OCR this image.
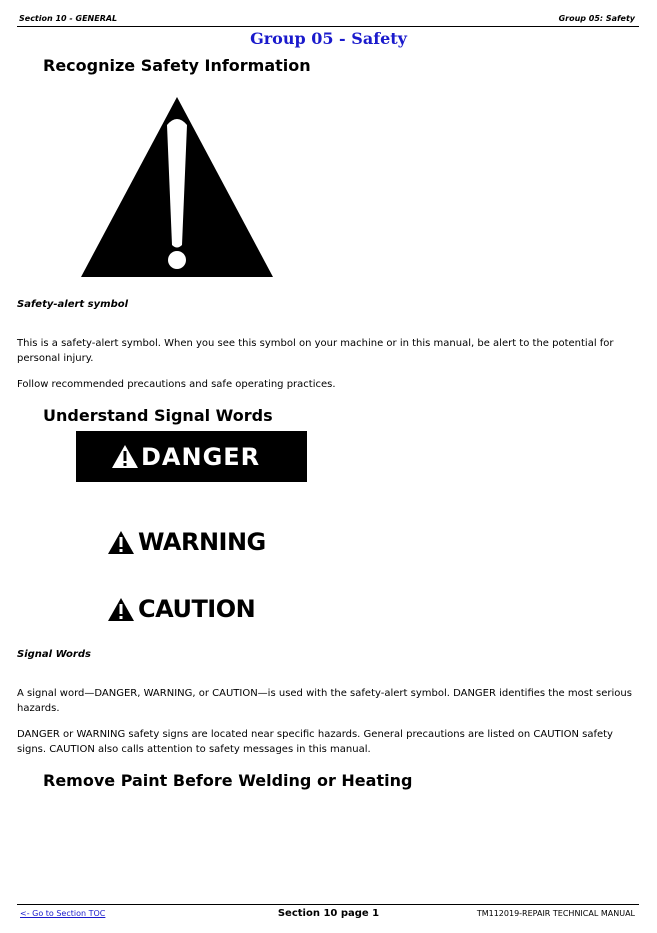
Section 10 - GENERAL	Group 05: Safety
Group 05 - Safety
Recognize Safety Information
Safety-alert symbol
This is a safety-alert symbol. When you see this symbol on your machine or in this manual, be alert to the potential for personal injury.
Follow recommended precautions and safe operating practices.
Understand Signal Words
DANGER
WARNING
CAUTION
Signal Words
A signal word—DANGER, WARNING, or CAUTION—is used with the safety-alert symbol. DANGER identifies the most serious hazards.
DANGER or WARNING safety signs are located near specific hazards. General precautions are listed on CAUTION safety signs. CAUTION also calls attention to safety messages in this manual.
Remove Paint Before Welding or Heating
<- Go to Section TOC	Section 10 page 1	TM112019-REPAIR TECHNICAL MANUAL
